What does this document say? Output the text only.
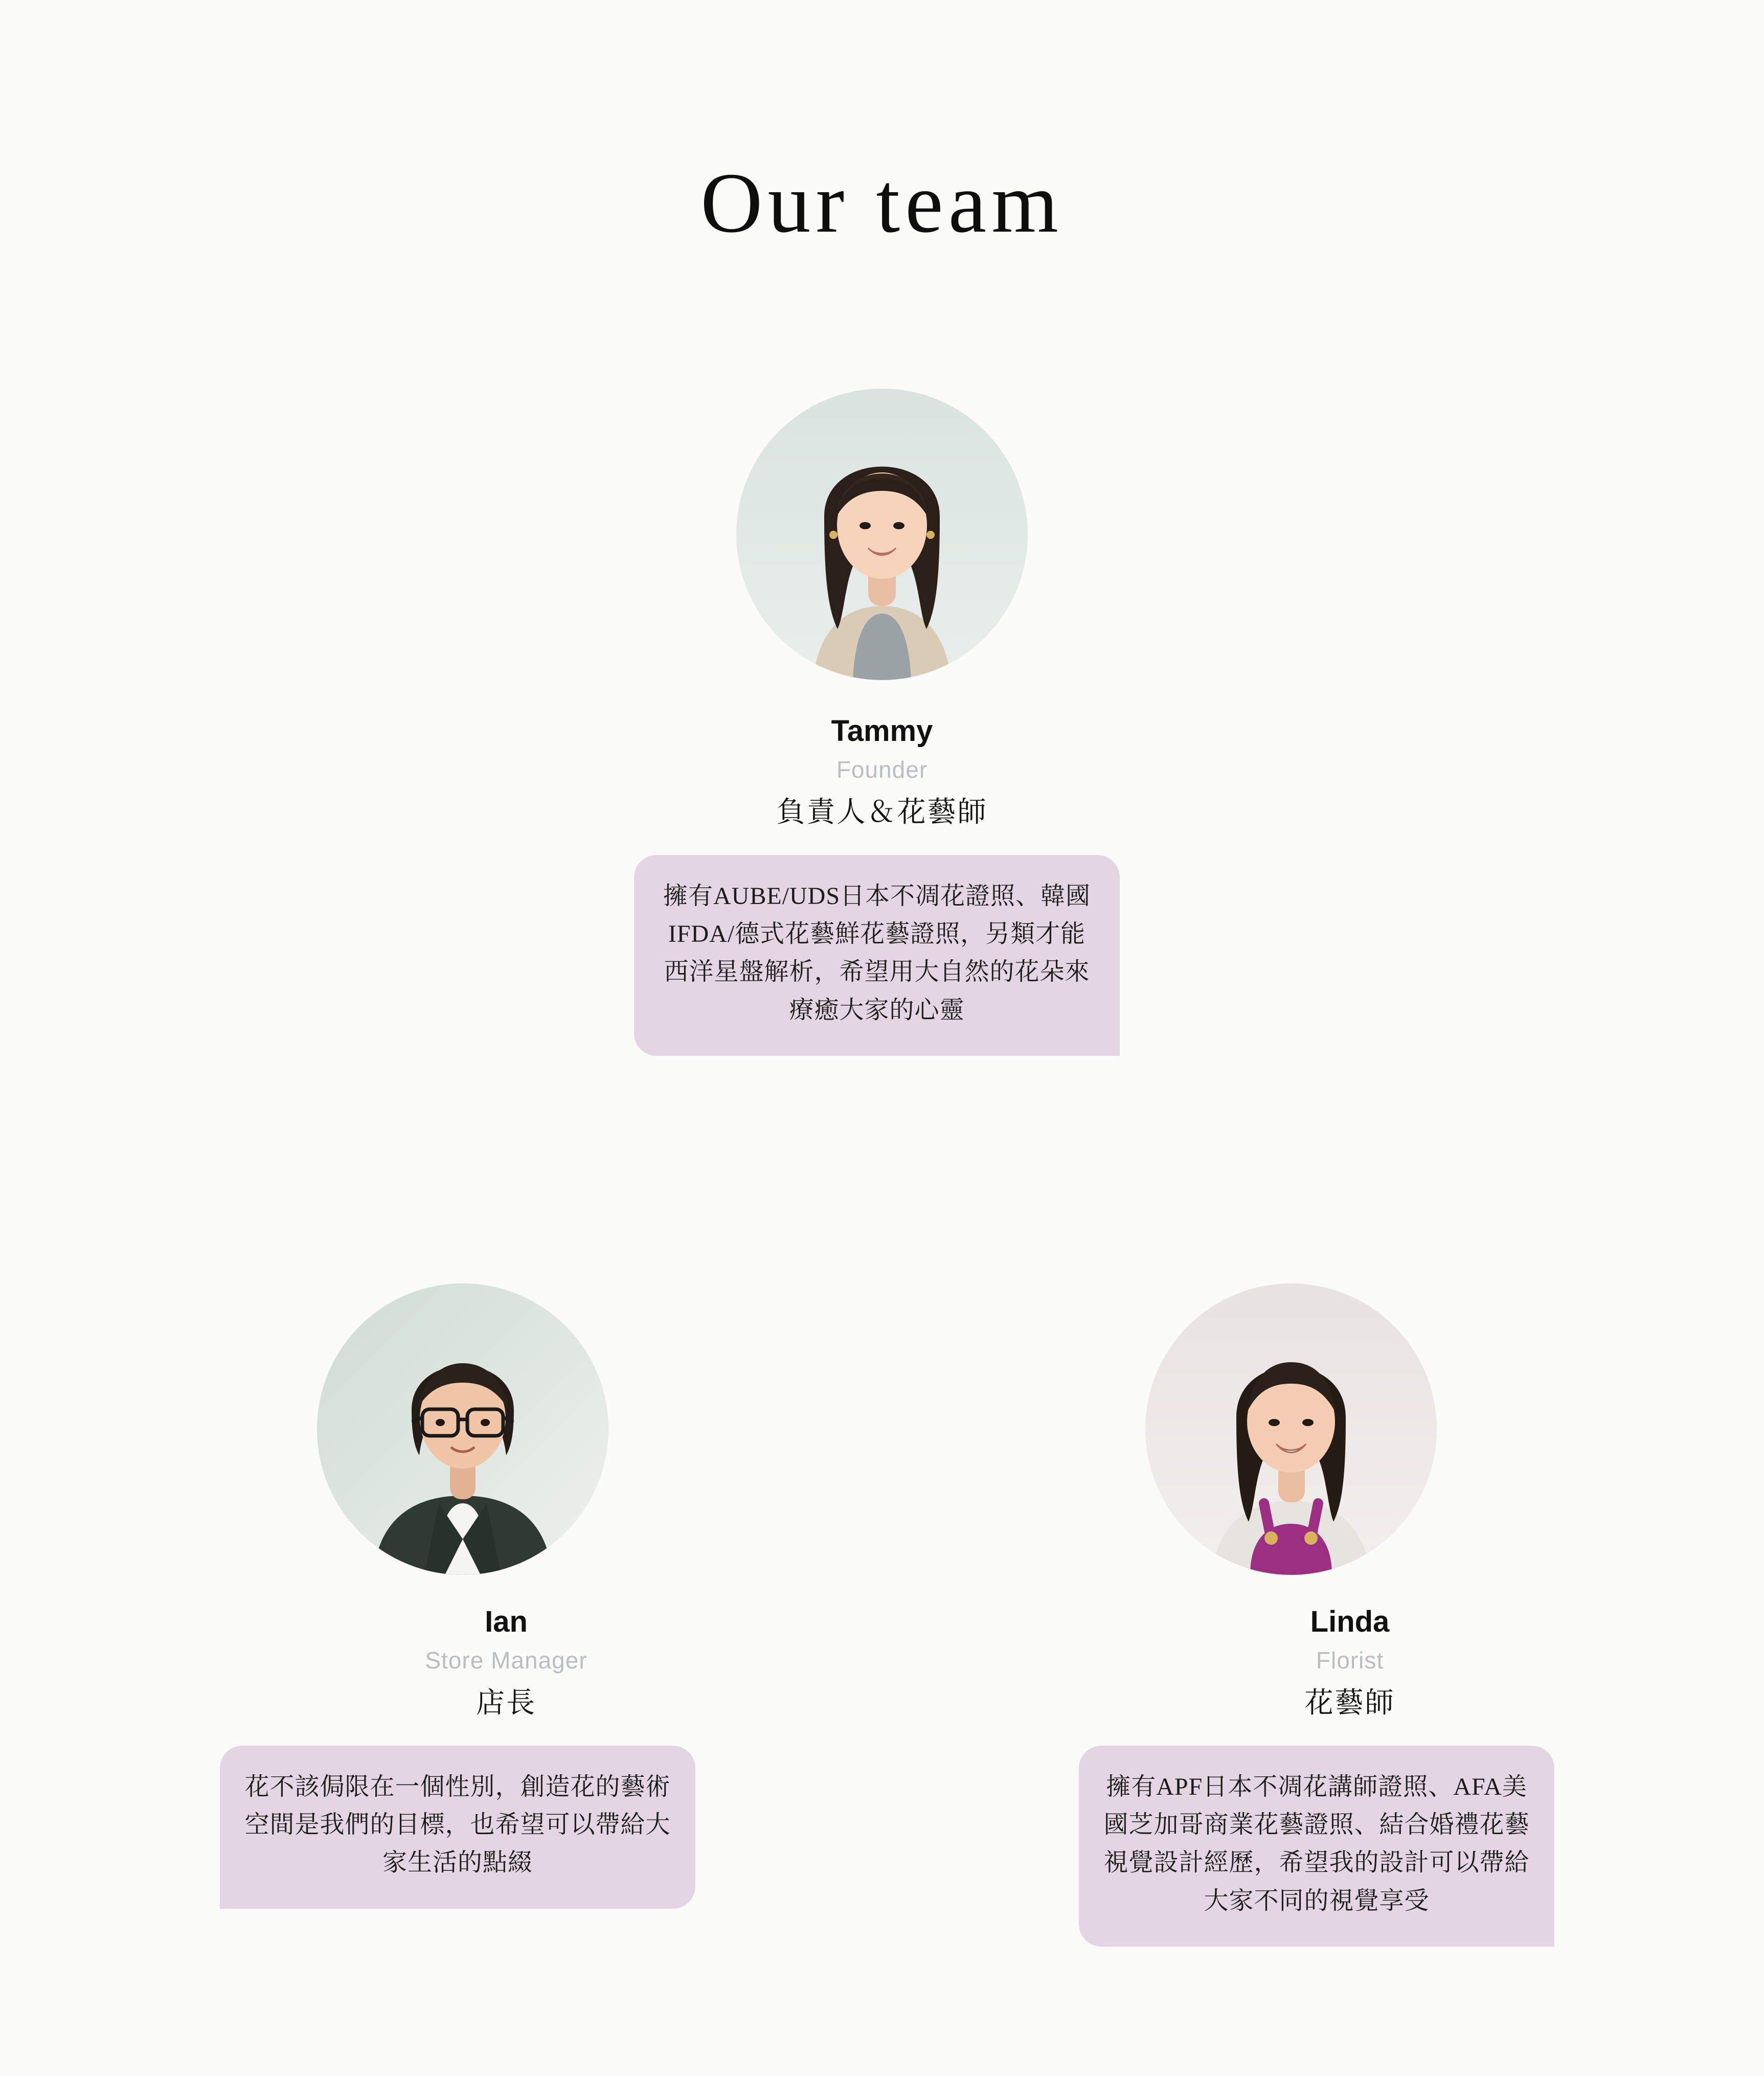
Our team
Tammy
Founder
負責人＆花藝師
擁有AUBE/UDS日本不凋花證照、韓國IFDA/德式花藝鮮花藝證照，另類才能西洋星盤解析，希望用大自然的花朵來療癒大家的心靈
Ian
Store Manager
店長
花不該侷限在一個性別，創造花的藝術空間是我們的目標，也希望可以帶給大家生活的點綴
Linda
Florist
花藝師
擁有APF日本不凋花講師證照、AFA美國芝加哥商業花藝證照、結合婚禮花藝視覺設計經歷，希望我的設計可以帶給大家不同的視覺享受
